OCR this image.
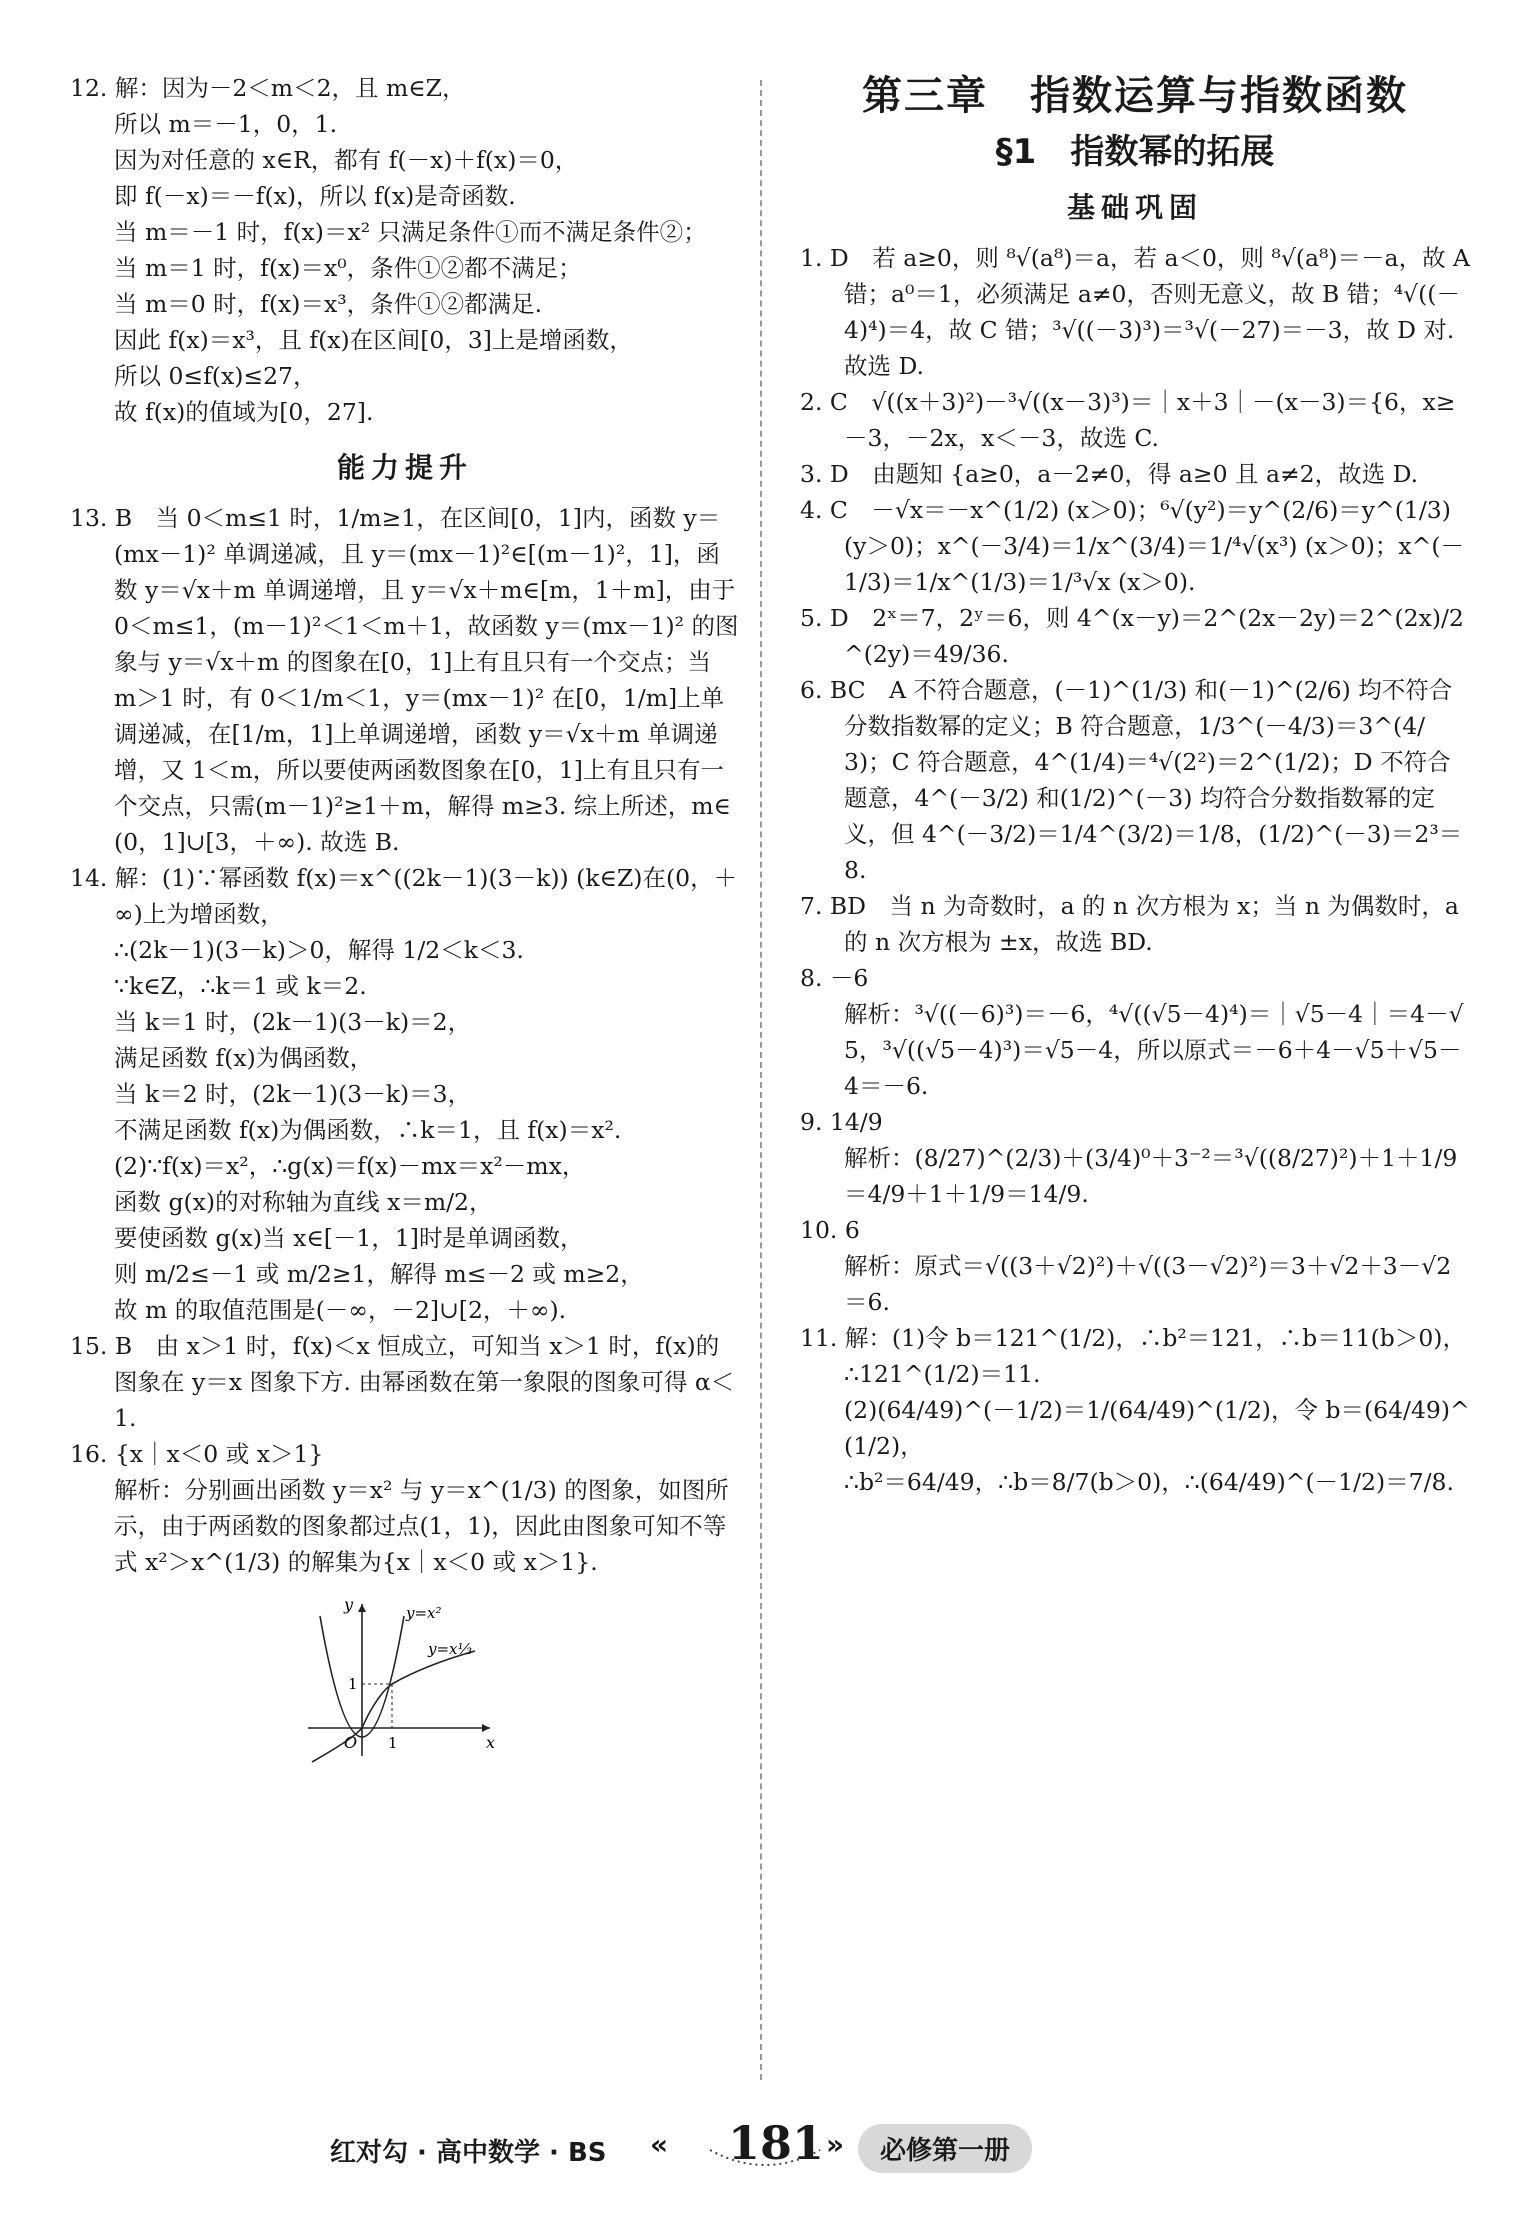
12. 解：因为－2＜m＜2，且 m∈Z，
所以 m＝－1，0，1.
因为对任意的 x∈R，都有 f(－x)＋f(x)＝0，
即 f(－x)＝－f(x)，所以 f(x)是奇函数.
当 m＝－1 时，f(x)＝x² 只满足条件①而不满足条件②；
当 m＝1 时，f(x)＝x⁰，条件①②都不满足；
当 m＝0 时，f(x)＝x³，条件①②都满足.
因此 f(x)＝x³，且 f(x)在区间[0，3]上是增函数，
所以 0≤f(x)≤27，
故 f(x)的值域为[0，27].
能力提升
13. B　当 0＜m≤1 时，1/m≥1，在区间[0，1]内，函数 y＝(mx－1)² 单调递减，且 y＝(mx－1)²∈[(m－1)²，1]，函数 y＝√x＋m 单调递增，且 y＝√x＋m∈[m，1＋m]，由于 0＜m≤1，(m－1)²＜1＜m＋1，故函数 y＝(mx－1)² 的图象与 y＝√x＋m 的图象在[0，1]上有且只有一个交点；当 m＞1 时，有 0＜1/m＜1，y＝(mx－1)² 在[0，1/m]上单调递减，在[1/m，1]上单调递增，函数 y＝√x＋m 单调递增，又 1＜m，所以要使两函数图象在[0，1]上有且只有一个交点，只需(m－1)²≥1＋m，解得 m≥3. 综上所述，m∈(0，1]∪[3，＋∞). 故选 B.
14. 解：(1)∵幂函数 f(x)＝x^((2k－1)(3－k)) (k∈Z)在(0，＋∞)上为增函数，
∴(2k－1)(3－k)＞0，解得 1/2＜k＜3.
∵k∈Z，∴k＝1 或 k＝2.
当 k＝1 时，(2k－1)(3－k)＝2，
满足函数 f(x)为偶函数，
当 k＝2 时，(2k－1)(3－k)＝3，
不满足函数 f(x)为偶函数，∴k＝1，且 f(x)＝x².
(2)∵f(x)＝x²，∴g(x)＝f(x)－mx＝x²－mx，
函数 g(x)的对称轴为直线 x＝m/2，
要使函数 g(x)当 x∈[－1，1]时是单调函数，
则 m/2≤－1 或 m/2≥1，解得 m≤－2 或 m≥2，
故 m 的取值范围是(－∞，－2]∪[2，＋∞).
15. B　由 x＞1 时，f(x)＜x 恒成立，可知当 x＞1 时，f(x)的图象在 y＝x 图象下方. 由幂函数在第一象限的图象可得 α＜1.
16. {x｜x＜0 或 x＞1}
解析：分别画出函数 y＝x² 与 y＝x^(1/3) 的图象，如图所示，由于两函数的图象都过点(1，1)，因此由图象可知不等式 x²＞x^(1/3) 的解集为{x｜x＜0 或 x＞1}.
y
x
O 1
1
y=x²
y=x⅓
第三章　指数运算与指数函数
§1　指数幂的拓展
基础巩固
1. D　若 a≥0，则 ⁸√(a⁸)＝a，若 a＜0，则 ⁸√(a⁸)＝－a，故 A 错；a⁰＝1，必须满足 a≠0，否则无意义，故 B 错；⁴√((－4)⁴)＝4，故 C 错；³√((－3)³)＝³√(－27)＝－3，故 D 对. 故选 D.
2. C　√((x＋3)²)－³√((x－3)³)＝｜x＋3｜－(x－3)＝{6，x≥－3，－2x，x＜－3，故选 C.
3. D　由题知 {a≥0，a－2≠0，得 a≥0 且 a≠2，故选 D.
4. C　－√x＝－x^(1/2) (x＞0)；⁶√(y²)＝y^(2/6)＝y^(1/3) (y＞0)；x^(－3/4)＝1/x^(3/4)＝1/⁴√(x³) (x＞0)；x^(－1/3)＝1/x^(1/3)＝1/³√x (x＞0).
5. D　2ˣ＝7，2ʸ＝6，则 4^(x－y)＝2^(2x－2y)＝2^(2x)/2^(2y)＝49/36.
6. BC　A 不符合题意，(－1)^(1/3) 和(－1)^(2/6) 均不符合分数指数幂的定义；B 符合题意，1/3^(－4/3)＝3^(4/3)；C 符合题意，4^(1/4)＝⁴√(2²)＝2^(1/2)；D 不符合题意，4^(－3/2) 和(1/2)^(－3) 均符合分数指数幂的定义，但 4^(－3/2)＝1/4^(3/2)＝1/8，(1/2)^(－3)＝2³＝8.
7. BD　当 n 为奇数时，a 的 n 次方根为 x；当 n 为偶数时，a 的 n 次方根为 ±x，故选 BD.
8. －6
解析：³√((－6)³)＝－6，⁴√((√5－4)⁴)＝｜√5－4｜＝4－√5，³√((√5－4)³)＝√5－4，所以原式＝－6＋4－√5＋√5－4＝－6.
9. 14/9
解析：(8/27)^(2/3)＋(3/4)⁰＋3⁻²＝³√((8/27)²)＋1＋1/9＝4/9＋1＋1/9＝14/9.
10. 6
解析：原式＝√((3＋√2)²)＋√((3－√2)²)＝3＋√2＋3－√2＝6.
11. 解：(1)令 b＝121^(1/2)，∴b²＝121，∴b＝11(b＞0)，
∴121^(1/2)＝11.
(2)(64/49)^(－1/2)＝1/(64/49)^(1/2)，令 b＝(64/49)^(1/2)，
∴b²＝64/49，∴b＝8/7(b＞0)，∴(64/49)^(－1/2)＝7/8.
红对勾 · 高中数学 · BS « 181 »	必修第一册
